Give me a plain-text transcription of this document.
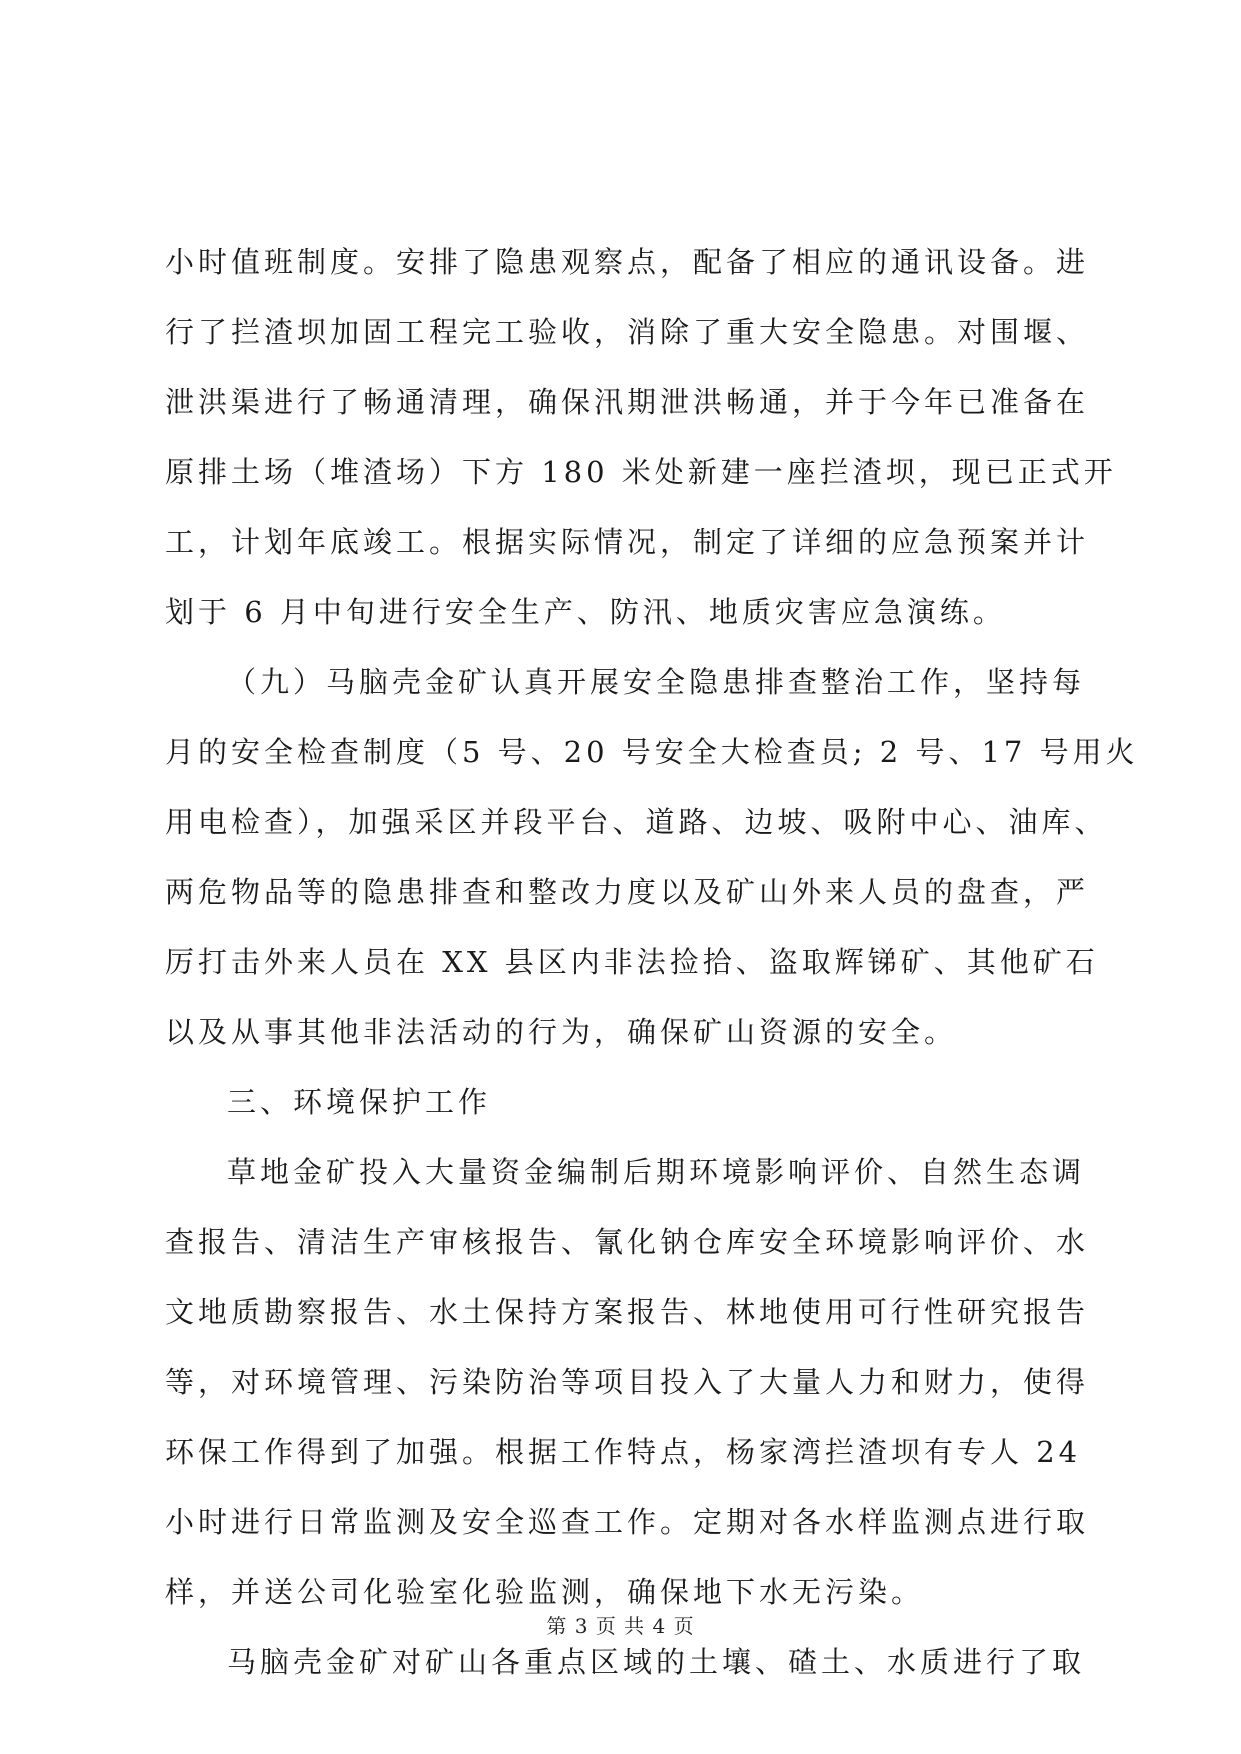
小时值班制度。安排了隐患观察点，配备了相应的通讯设备。进
行了拦渣坝加固工程完工验收，消除了重大安全隐患。对围堰、
泄洪渠进行了畅通清理，确保汛期泄洪畅通，并于今年已准备在
原排土场（堆渣场）下方 180 米处新建一座拦渣坝，现已正式开
工，计划年底竣工。根据实际情况，制定了详细的应急预案并计
划于 6 月中旬进行安全生产、防汛、地质灾害应急演练。
（九）马脑壳金矿认真开展安全隐患排查整治工作，坚持每
月的安全检查制度（5 号、20 号安全大检查员; 2 号、17 号用火
用电检查），加强采区并段平台、道路、边坡、吸附中心、油库、
两危物品等的隐患排查和整改力度以及矿山外来人员的盘查，严
厉打击外来人员在 XX 县区内非法捡拾、盗取辉锑矿、其他矿石
以及从事其他非法活动的行为，确保矿山资源的安全。
三、环境保护工作
草地金矿投入大量资金编制后期环境影响评价、自然生态调
查报告、清洁生产审核报告、氰化钠仓库安全环境影响评价、水
文地质勘察报告、水土保持方案报告、林地使用可行性研究报告
等，对环境管理、污染防治等项目投入了大量人力和财力，使得
环保工作得到了加强。根据工作特点，杨家湾拦渣坝有专人 24
小时进行日常监测及安全巡查工作。定期对各水样监测点进行取
样，并送公司化验室化验监测，确保地下水无污染。
马脑壳金矿对矿山各重点区域的土壤、碴土、水质进行了取
第 3 页 共 4 页
